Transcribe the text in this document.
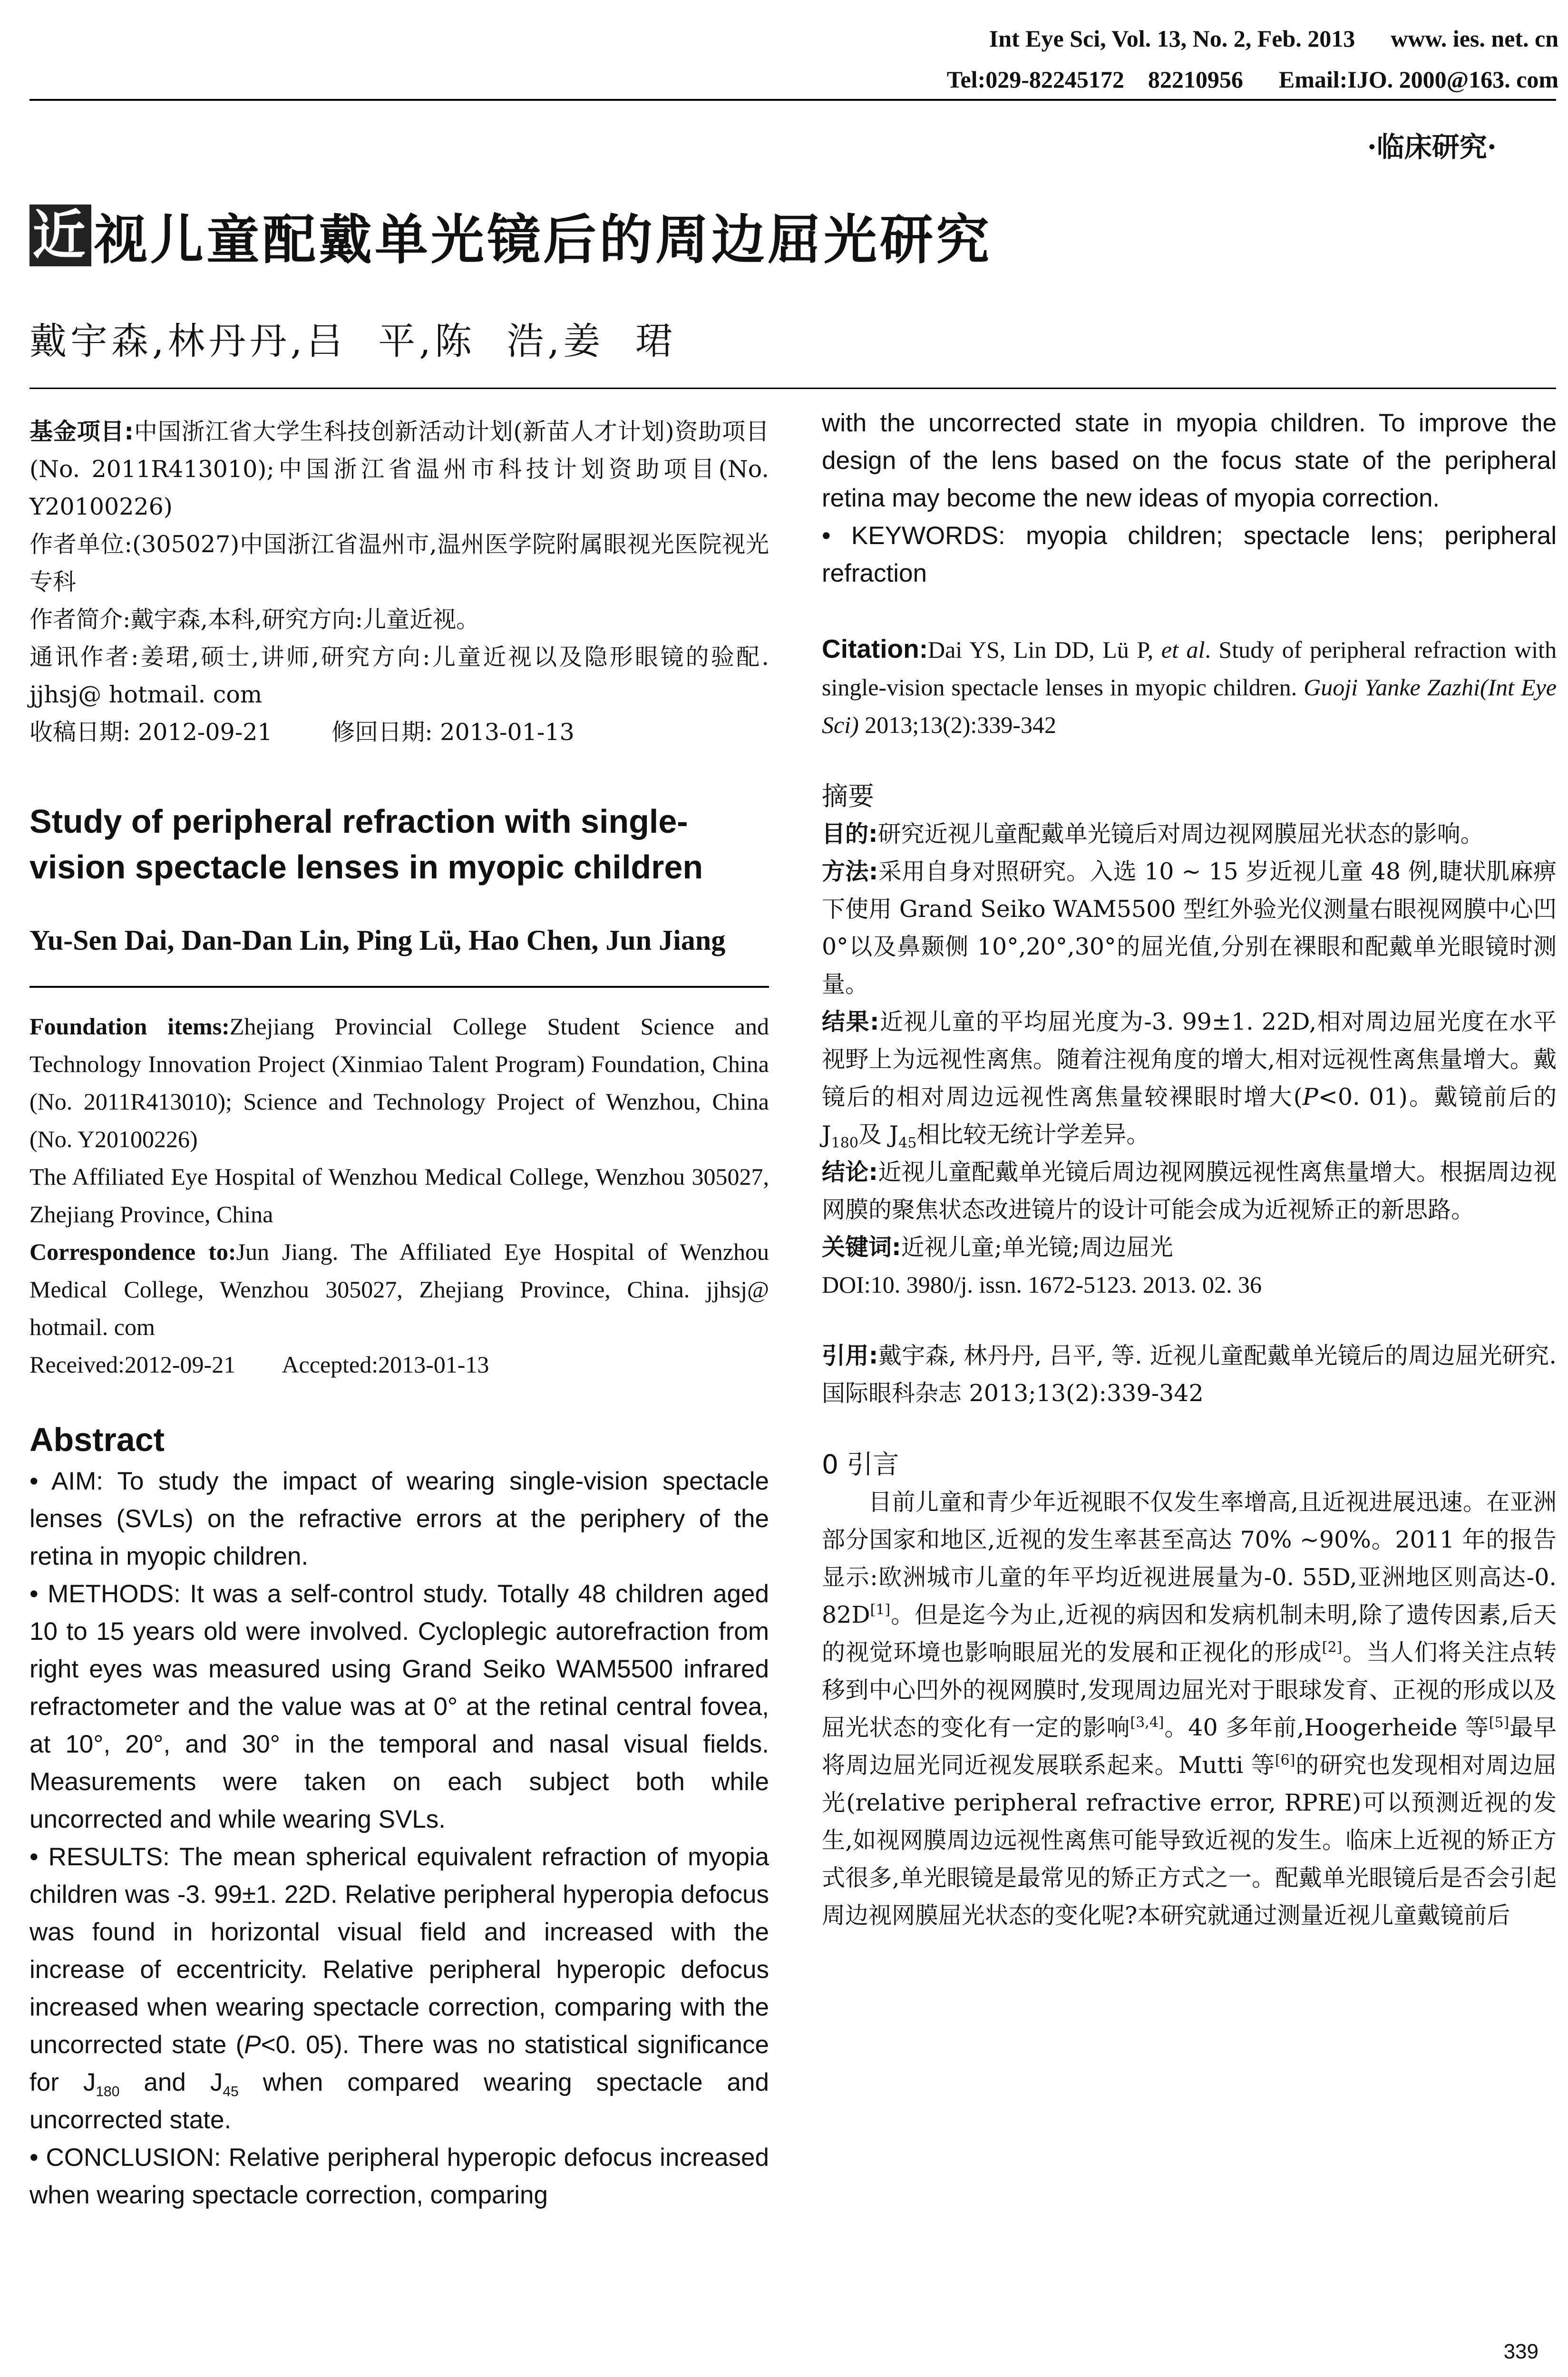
Int Eye Sci, Vol. 13, No. 2, Feb. 2013      www. ies. net. cn
Tel:029-82245172    82210956      Email:IJO. 2000@163. com
·临床研究·
近 视儿童配戴单光镜后的周边屈光研究
戴宇森,林丹丹,吕  平,陈  浩,姜  珺

基金项目:中国浙江省大学生科技创新活动计划(新苗人才计划)资助项目(No. 2011R413010);中国浙江省温州市科技计划资助项目(No. Y20100226)

作者单位:(305027)中国浙江省温州市,温州医学院附属眼视光医院视光专科

作者简介:戴宇森,本科,研究方向:儿童近视。

通讯作者:姜珺,硕士,讲师,研究方向:儿童近视以及隐形眼镜的验配. jjhsj@ hotmail. com

收稿日期: 2012-09-21        修回日期: 2013-01-13

Study of peripheral refraction with single-vision spectacle lenses in myopic children

Yu-Sen Dai, Dan-Dan Lin, Ping Lü, Hao Chen, Jun Jiang

Foundation items:Zhejiang Provincial College Student Science and Technology Innovation Project (Xinmiao Talent Program) Foundation, China (No. 2011R413010); Science and Technology Project of Wenzhou, China (No. Y20100226)

The Affiliated Eye Hospital of Wenzhou Medical College, Wenzhou 305027, Zhejiang Province, China

Correspondence to:Jun Jiang. The Affiliated Eye Hospital of Wenzhou Medical College, Wenzhou 305027, Zhejiang Province, China. jjhsj@ hotmail. com

Received:2012-09-21        Accepted:2013-01-13

Abstract

• AIM: To study the impact of wearing single-vision spectacle lenses (SVLs) on the refractive errors at the periphery of the retina in myopic children.

• METHODS: It was a self-control study. Totally 48 children aged 10 to 15 years old were involved. Cycloplegic autorefraction from right eyes was measured using Grand Seiko WAM5500 infrared refractometer and the value was at 0° at the retinal central fovea, at 10°, 20°, and 30° in the temporal and nasal visual fields. Measurements were taken on each subject both while uncorrected and while wearing SVLs.

• RESULTS: The mean spherical equivalent refraction of myopia children was -3. 99±1. 22D. Relative peripheral hyperopia defocus was found in horizontal visual field and increased with the increase of eccentricity. Relative peripheral hyperopic defocus increased when wearing spectacle correction, comparing with the uncorrected state (P<0. 05). There was no statistical significance for $J_{180}$ and $J_{45}$ when compared wearing spectacle and uncorrected state.

• CONCLUSION: Relative peripheral hyperopic defocus increased when wearing spectacle correction, comparing

with the uncorrected state in myopia children. To improve the design of the lens based on the focus state of the peripheral retina may become the new ideas of myopia correction.

• KEYWORDS: myopia children; spectacle lens; peripheral refraction

Citation:Dai YS, Lin DD, Lü P, et al. Study of peripheral refraction with single-vision spectacle lenses in myopic children. Guoji Yanke Zazhi(Int Eye Sci) 2013;13(2):339-342

摘要

目的:研究近视儿童配戴单光镜后对周边视网膜屈光状态的影响。

方法:采用自身对照研究。入选 10 ~ 15 岁近视儿童 48 例,睫状肌麻痹下使用 Grand Seiko WAM5500 型红外验光仪测量右眼视网膜中心凹 0°以及鼻颞侧 10°,20°,30°的屈光值,分别在裸眼和配戴单光眼镜时测量。

结果:近视儿童的平均屈光度为-3. 99±1. 22D,相对周边屈光度在水平视野上为远视性离焦。随着注视角度的增大,相对远视性离焦量增大。戴镜后的相对周边远视性离焦量较裸眼时增大(P<0. 01)。戴镜前后的 $J_{180}$及 $J_{45}$相比较无统计学差异。

结论:近视儿童配戴单光镜后周边视网膜远视性离焦量增大。根据周边视网膜的聚焦状态改进镜片的设计可能会成为近视矫正的新思路。

关键词:近视儿童;单光镜;周边屈光

DOI:10. 3980/j. issn. 1672-5123. 2013. 02. 36

引用:戴宇森, 林丹丹, 吕平, 等. 近视儿童配戴单光镜后的周边屈光研究. 国际眼科杂志 2013;13(2):339-342

0 引言

目前儿童和青少年近视眼不仅发生率增高,且近视进展迅速。在亚洲部分国家和地区,近视的发生率甚至高达 70% ~90%。2011 年的报告显示:欧洲城市儿童的年平均近视进展量为-0. 55D,亚洲地区则高达-0. 82D[1]。但是迄今为止,近视的病因和发病机制未明,除了遗传因素,后天的视觉环境也影响眼屈光的发展和正视化的形成[2]。当人们将关注点转移到中心凹外的视网膜时,发现周边屈光对于眼球发育、正视的形成以及屈光状态的变化有一定的影响[3,4]。40 多年前,Hoogerheide 等[5]最早将周边屈光同近视发展联系起来。Mutti 等[6]的研究也发现相对周边屈光(relative peripheral refractive error, RPRE)可以预测近视的发生,如视网膜周边远视性离焦可能导致近视的发生。临床上近视的矫正方式很多,单光眼镜是最常见的矫正方式之一。配戴单光眼镜后是否会引起周边视网膜屈光状态的变化呢?本研究就通过测量近视儿童戴镜前后

339
